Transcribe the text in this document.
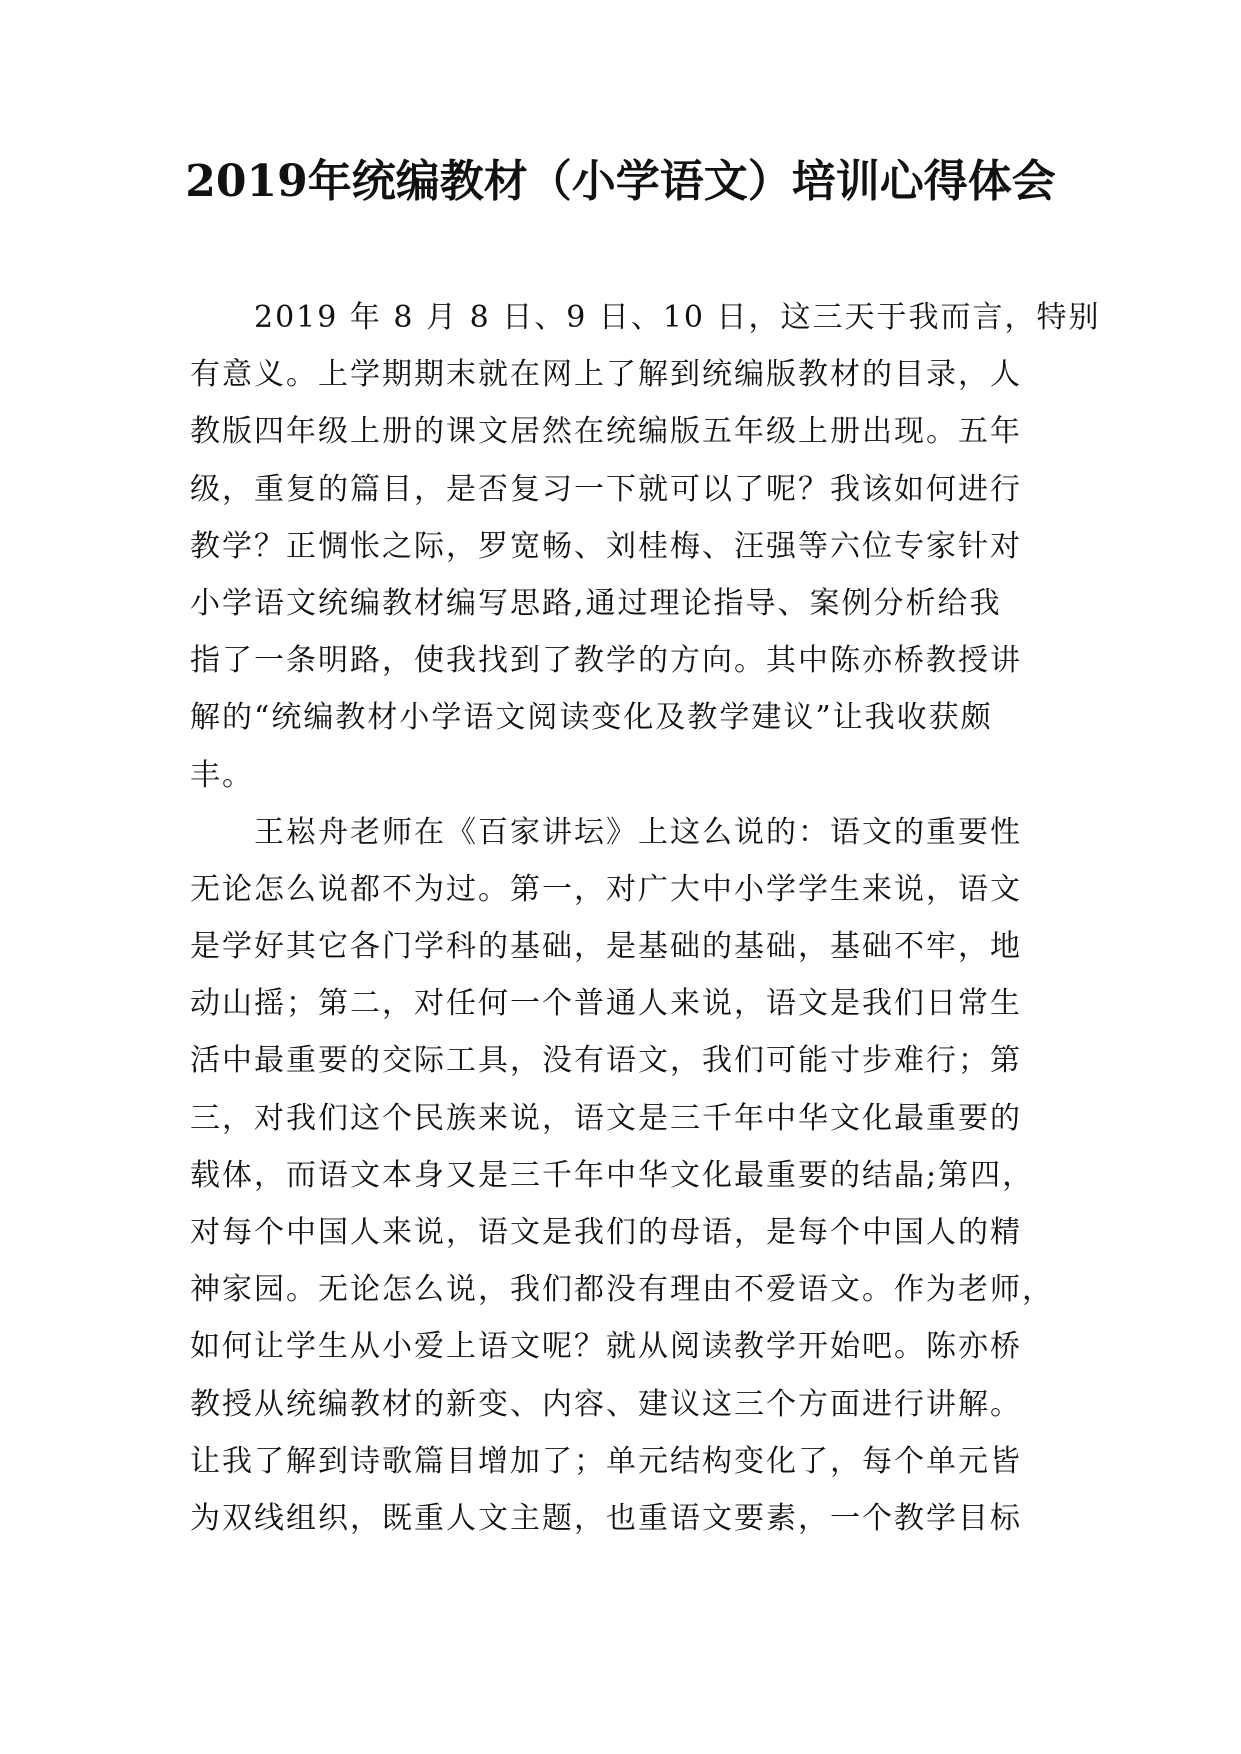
2019年统编教材（小学语文）培训心得体会
2019 年 8 月 8 日、9 日、10 日，这三天于我而言，特别
有意义。上学期期末就在网上了解到统编版教材的目录，人
教版四年级上册的课文居然在统编版五年级上册出现。五年
级，重复的篇目，是否复习一下就可以了呢？我该如何进行
教学？正惆怅之际，罗宽畅、刘桂梅、汪强等六位专家针对
小学语文统编教材编写思路,通过理论指导、案例分析给我
指了一条明路，使我找到了教学的方向。其中陈亦桥教授讲
解的“统编教材小学语文阅读变化及教学建议”让我收获颇
丰。
王崧舟老师在《百家讲坛》上这么说的：语文的重要性
无论怎么说都不为过。第一，对广大中小学学生来说，语文
是学好其它各门学科的基础，是基础的基础，基础不牢，地
动山摇；第二，对任何一个普通人来说，语文是我们日常生
活中最重要的交际工具，没有语文，我们可能寸步难行；第
三，对我们这个民族来说，语文是三千年中华文化最重要的
载体，而语文本身又是三千年中华文化最重要的结晶;第四，
对每个中国人来说，语文是我们的母语，是每个中国人的精
神家园。无论怎么说，我们都没有理由不爱语文。作为老师，
如何让学生从小爱上语文呢？就从阅读教学开始吧。陈亦桥
教授从统编教材的新变、内容、建议这三个方面进行讲解。
让我了解到诗歌篇目增加了；单元结构变化了，每个单元皆
为双线组织，既重人文主题，也重语文要素，一个教学目标
